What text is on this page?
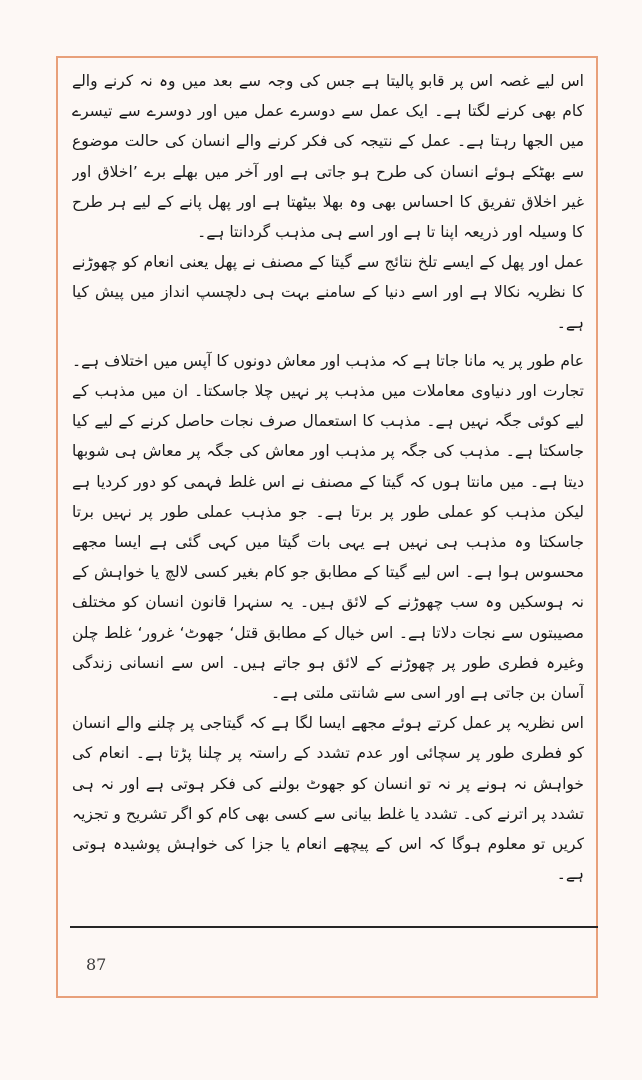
اس لیے غصہ اس پر قابو پالیتا ہے جس کی وجہ سے بعد میں وہ نہ کرنے والے کام بھی کرنے لگتا ہے۔ ایک عمل سے دوسرے عمل میں اور دوسرے سے تیسرے میں الجھا رہتا ہے۔ عمل کے نتیجہ کی فکر کرنے والے انسان کی حالت موضوع سے بھٹکے ہوئے انسان کی طرح ہو جاتی ہے اور آخر میں بھلے برے ’اخلاق اور غیر اخلاق تفریق کا احساس بھی وہ بھلا بیٹھتا ہے اور پھل پانے کے لیے ہر طرح کا وسیلہ اور ذریعہ اپنا تا ہے اور اسے ہی مذہب گردانتا ہے۔

عمل اور پھل کے ایسے تلخ نتائج سے گیتا کے مصنف نے پھل یعنی انعام کو چھوڑنے کا نظریہ نکالا ہے اور اسے دنیا کے سامنے بہت ہی دلچسپ انداز میں پیش کیا ہے۔

عام طور پر یہ مانا جاتا ہے کہ مذہب اور معاش دونوں کا آپس میں اختلاف ہے۔ تجارت اور دنیاوی معاملات میں مذہب پر نہیں چلا جاسکتا۔ ان میں مذہب کے لیے کوئی جگہ نہیں ہے۔ مذہب کا استعمال صرف نجات حاصل کرنے کے لیے کیا جاسکتا ہے۔ مذہب کی جگہ پر مذہب اور معاش کی جگہ پر معاش ہی شوبھا دیتا ہے۔ میں مانتا ہوں کہ گیتا کے مصنف نے اس غلط فہمی کو دور کردیا ہے لیکن مذہب کو عملی طور پر برتا ہے۔ جو مذہب عملی طور پر نہیں برتا جاسکتا وہ مذہب ہی نہیں ہے یہی بات گیتا میں کہی گئی ہے ایسا مجھے محسوس ہوا ہے۔ اس لیے گیتا کے مطابق جو کام بغیر کسی لالچ یا خواہش کے نہ ہوسکیں وہ سب چھوڑنے کے لائق ہیں۔ یہ سنہرا قانون انسان کو مختلف مصیبتوں سے نجات دلاتا ہے۔ اس خیال کے مطابق قتل‘ جھوٹ‘ غرور‘ غلط چلن وغیرہ فطری طور پر چھوڑنے کے لائق ہو جاتے ہیں۔ اس سے انسانی زندگی آسان بن جاتی ہے اور اسی سے شانتی ملتی ہے۔

اس نظریہ پر عمل کرتے ہوئے مجھے ایسا لگا ہے کہ گیتاجی پر چلنے والے انسان کو فطری طور پر سچائی اور عدم تشدد کے راستہ پر چلنا پڑتا ہے۔ انعام کی خواہش نہ ہونے پر نہ تو انسان کو جھوٹ بولنے کی فکر ہوتی ہے اور نہ ہی تشدد پر اترنے کی۔ تشدد یا غلط بیانی سے کسی بھی کام کو اگر تشریح و تجزیہ کریں تو معلوم ہوگا کہ اس کے پیچھے انعام یا جزا کی خواہش پوشیدہ ہوتی ہے۔

87
